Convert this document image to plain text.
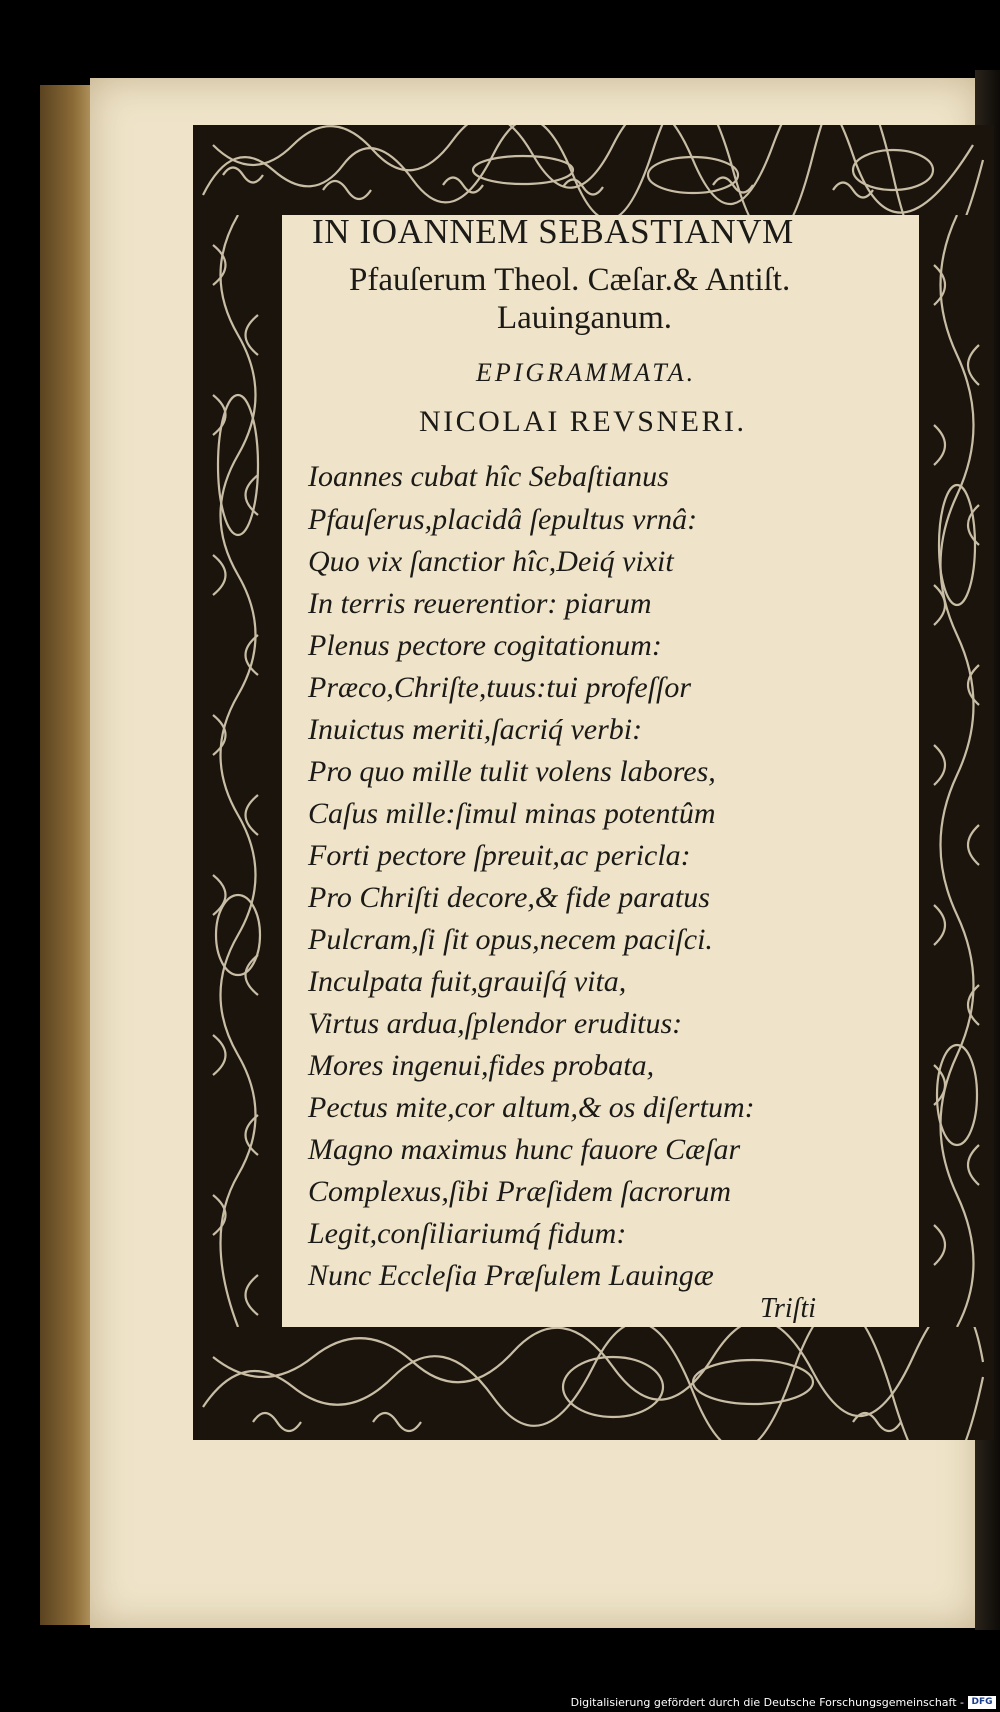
IN IOANNEM SEBASTIANVM
Pfauſerum Theol. Cæſar.& Antiſt.
Lauinganum.
EPIGRAMMATA.
NICOLAI REVSNERI.
Ioannes cubat hîc Sebaſtianus
Pfauſerus,placidâ ſepultus vrnâ:
Quo vix ſanctior hîc,Deiq́ vixit
In terris reuerentior: piarum
Plenus pectore cogitationum:
Præco,Chriſte,tuus:tui profeſſor
Inuictus meriti,ſacriq́ verbi:
Pro quo mille tulit volens labores,
Caſus mille:ſimul minas potentûm
Forti pectore ſpreuit,ac pericla:
Pro Chriſti decore,& fide paratus
Pulcram,ſi ſit opus,necem paciſci.
Inculpata fuit,grauiſq́ vita,
Virtus ardua,ſplendor eruditus:
Mores ingenui,fides probata,
Pectus mite,cor altum,& os diſertum:
Magno maximus hunc fauore Cæſar
Complexus,ſibi Præſidem ſacrorum
Legit,conſiliariumq́ fidum:
Nunc Eccleſia Præſulem Lauingæ
Triſti
Digitalisierung gefördert durch die Deutsche Forschungsgemeinschaft - DFG
